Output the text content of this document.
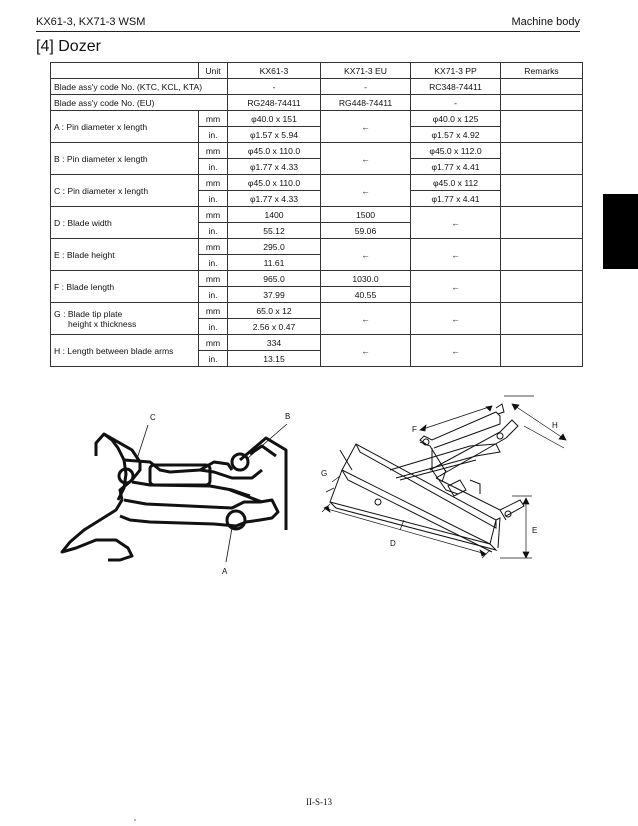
KX61-3, KX71-3 WSM	Machine body
[4] Dozer
	Unit	KX61-3	KX71-3 EU	KX71-3 PP	Remarks
Blade ass'y code No. (KTC, KCL, KTA)		-	-	RC348-74411	
Blade ass'y code No. (EU)		RG248-74411	RG448-74411	-	
A : Pin diameter x length	mm	φ40.0 x 151	←	φ40.0 x 125	
	in.	φ1.57 x 5.94		φ1.57 x 4.92	
B : Pin diameter x length	mm	φ45.0 x 110.0	←	φ45.0 x 112.0	
	in.	φ1.77 x 4.33		φ1.77 x 4.41	
C : Pin diameter x length	mm	φ45.0 x 110.0	←	φ45.0 x 112	
	in.	φ1.77 x 4.33		φ1.77 x 4.41	
D : Blade width	mm	1400	1500	←	
	in.	55.12	59.06		
E : Blade height	mm	295.0	←	←	
	in.	11.61			
F : Blade length	mm	965.0	1030.0	←	
	in.	37.99	40.55		
G : Blade tip plate
height x thickness	mm	65.0 x 12	←	←	
	in.	2.56 x 0.47			
H : Length between blade arms	mm	334	←	←	
	in.	13.15			
C	B
A
F
G
D
E
H
II-S-13
